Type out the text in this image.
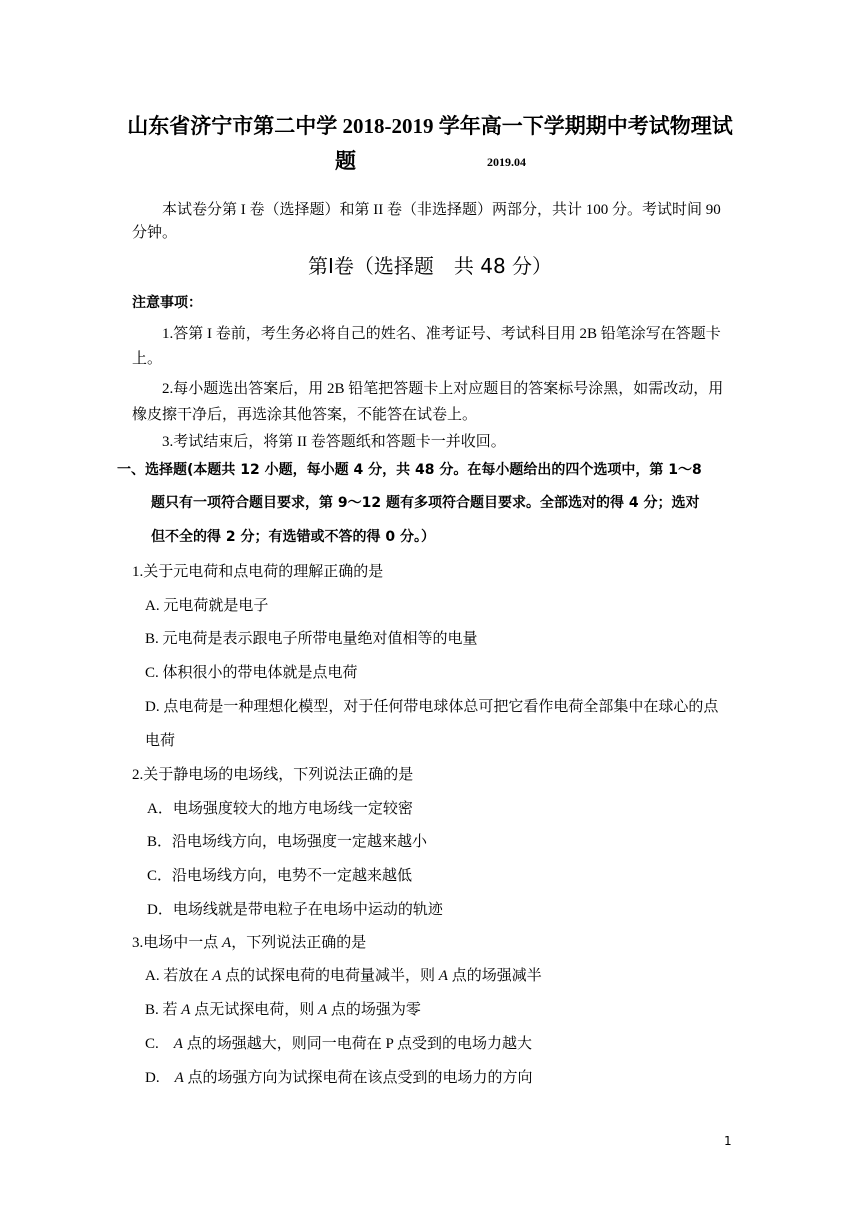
山东省济宁市第二中学 2018-2019 学年高一下学期期中考试物理试
题	2019.04
本试卷分第 I 卷（选择题）和第 II 卷（非选择题）两部分，共计 100 分。考试时间 90
分钟。
第Ⅰ卷（选择题　共 48 分）
注意事项：
1.答第 I 卷前，考生务必将自己的姓名、准考证号、考试科目用 2B 铅笔涂写在答题卡
上。
2.每小题选出答案后，用 2B 铅笔把答题卡上对应题目的答案标号涂黑，如需改动，用
橡皮擦干净后，再选涂其他答案，不能答在试卷上。
3.考试结束后，将第 II 卷答题纸和答题卡一并收回。
一、选择题(本题共 12 小题，每小题 4 分，共 48 分。在每小题给出的四个选项中，第 1～8
题只有一项符合题目要求，第 9～12 题有多项符合题目要求。全部选对的得 4 分；选对
但不全的得 2 分；有选错或不答的得 0 分。）
1.关于元电荷和点电荷的理解正确的是
A. 元电荷就是电子
B. 元电荷是表示跟电子所带电量绝对值相等的电量
C. 体积很小的带电体就是点电荷
D. 点电荷是一种理想化模型，对于任何带电球体总可把它看作电荷全部集中在球心的点
电荷
2.关于静电场的电场线，下列说法正确的是
A．电场强度较大的地方电场线一定较密
B．沿电场线方向，电场强度一定越来越小
C．沿电场线方向，电势不一定越来越低
D．电场线就是带电粒子在电场中运动的轨迹
3.电场中一点 A，下列说法正确的是
A. 若放在 A 点的试探电荷的电荷量减半，则 A 点的场强减半
B. 若 A 点无试探电荷，则 A 点的场强为零
C.　A 点的场强越大，则同一电荷在 P 点受到的电场力越大
D.　A 点的场强方向为试探电荷在该点受到的电场力的方向
1
